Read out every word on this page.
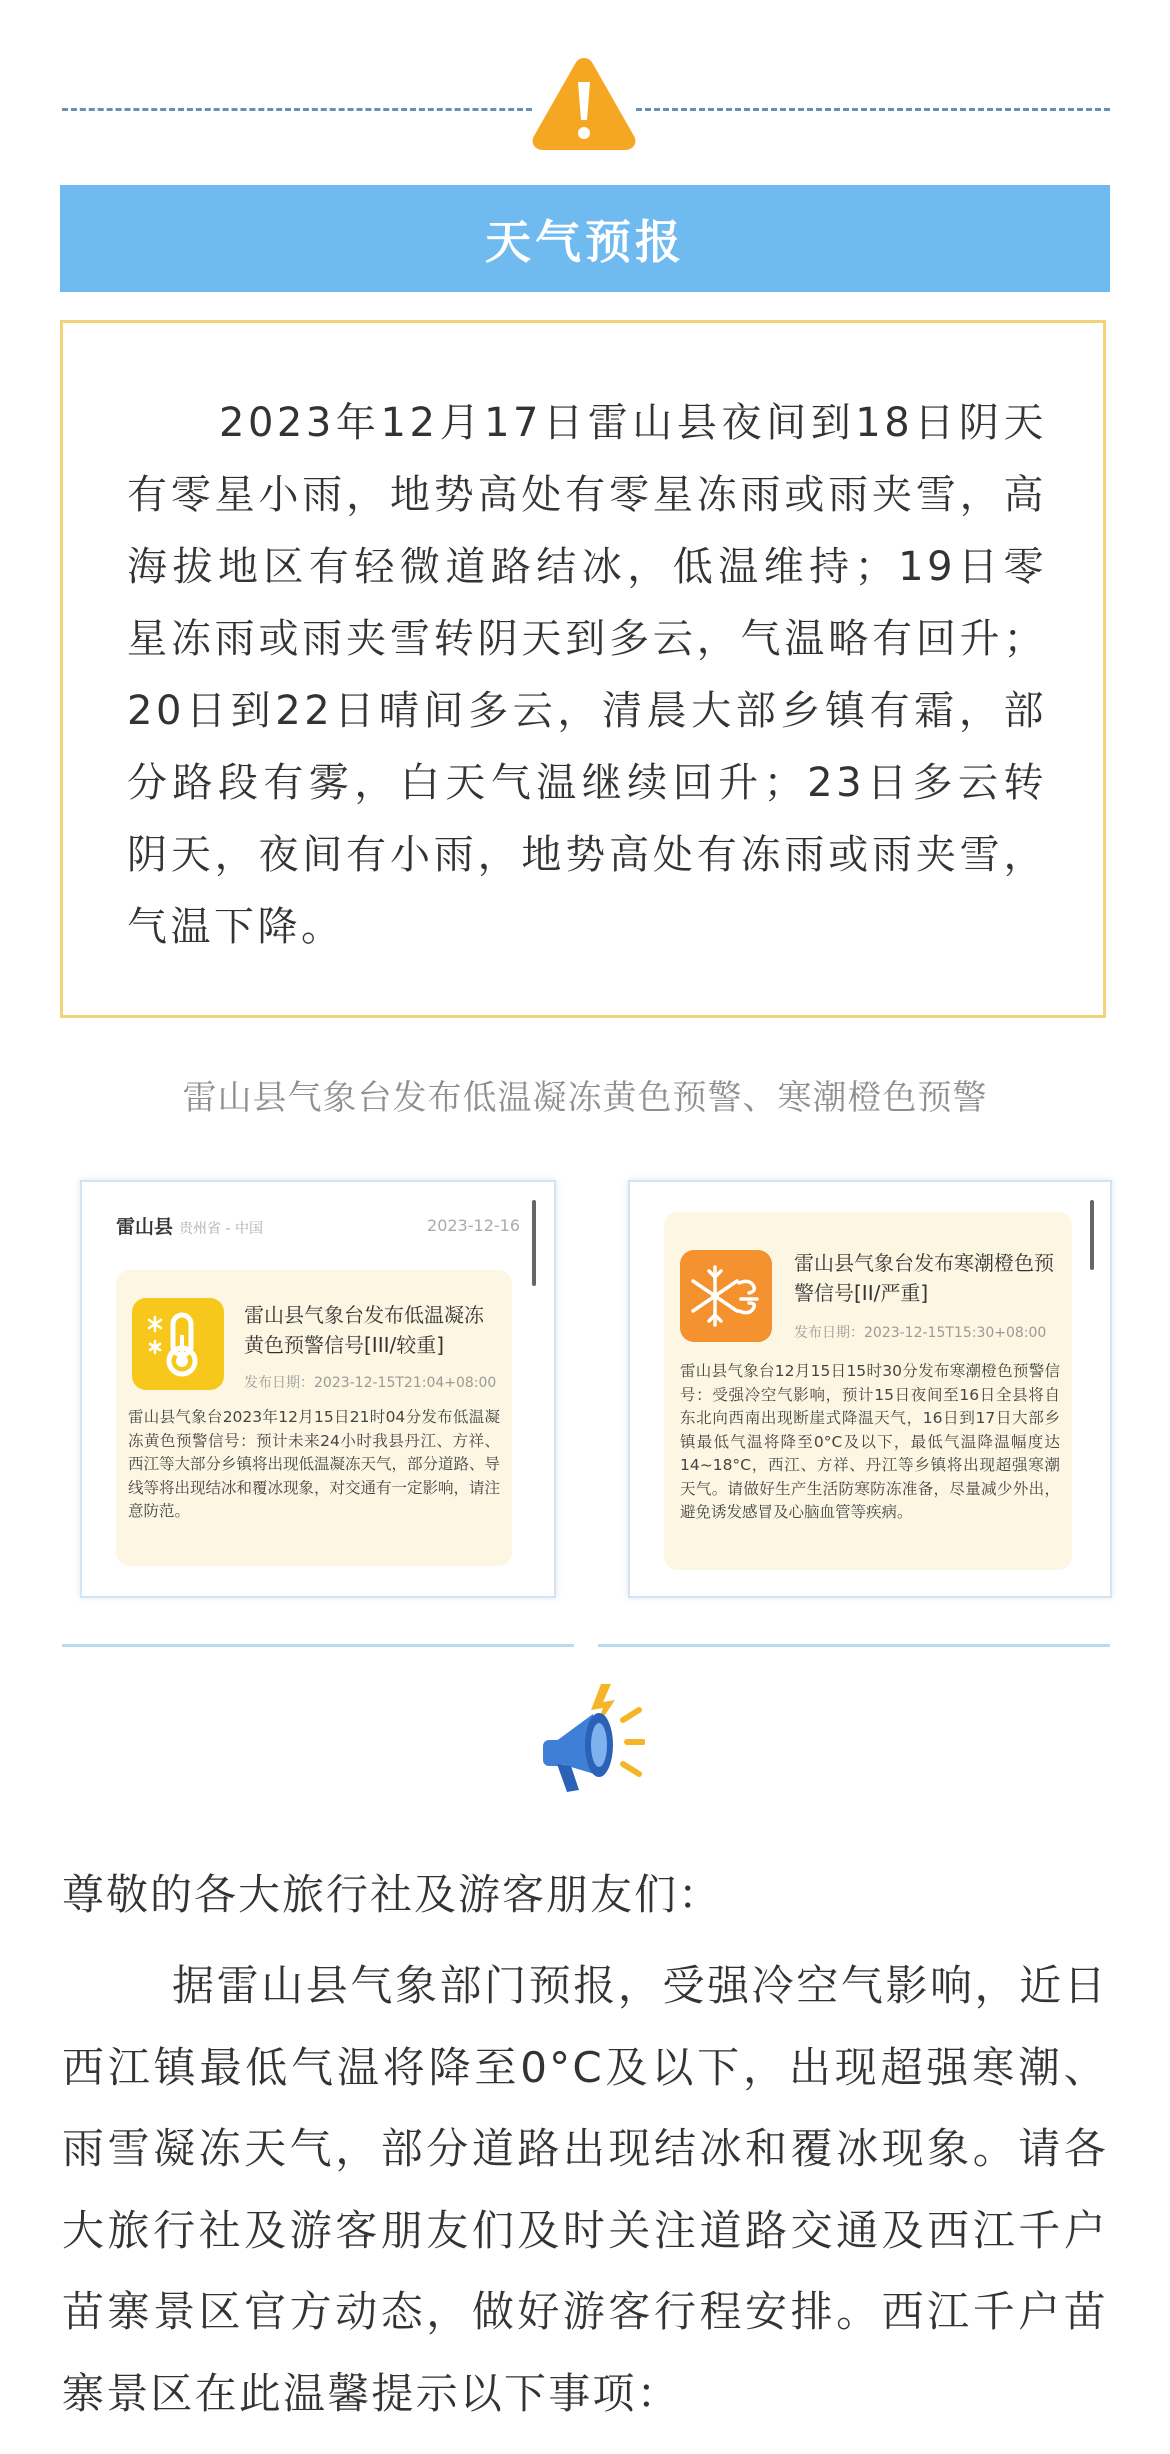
天气预报
2023年12月17日雷山县夜间到18日阴天有零星小雨，地势高处有零星冻雨或雨夹雪，高海拔地区有轻微道路结冰，低温维持；19日零星冻雨或雨夹雪转阴天到多云，气温略有回升；20日到22日晴间多云，清晨大部乡镇有霜，部分路段有雾，白天气温继续回升；23日多云转阴天，夜间有小雨，地势高处有冻雨或雨夹雪，气温下降。
雷山县气象台发布低温凝冻黄色预警、寒潮橙色预警
雷山县 贵州省 - 中国	2023-12-16
雷山县气象台发布低温凝冻黄色预警信号[III/较重]
发布日期：2023-12-15T21:04+08:00
雷山县气象台2023年12月15日21时04分发布低温凝冻黄色预警信号：预计未来24小时我县丹江、方祥、西江等大部分乡镇将出现低温凝冻天气，部分道路、导线等将出现结冰和覆冰现象，对交通有一定影响，请注意防范。
雷山县气象台发布寒潮橙色预警信号[II/严重]
发布日期：2023-12-15T15:30+08:00
雷山县气象台12月15日15时30分发布寒潮橙色预警信号：受强冷空气影响，预计15日夜间至16日全县将自东北向西南出现断崖式降温天气，16日到17日大部乡镇最低气温将降至0°C及以下，最低气温降温幅度达14~18°C，西江、方祥、丹江等乡镇将出现超强寒潮天气。请做好生产生活防寒防冻准备，尽量减少外出，避免诱发感冒及心脑血管等疾病。
尊敬的各大旅行社及游客朋友们：
据雷山县气象部门预报，受强冷空气影响，近日西江镇最低气温将降至0°C及以下，出现超强寒潮、雨雪凝冻天气，部分道路出现结冰和覆冰现象。请各大旅行社及游客朋友们及时关注道路交通及西江千户苗寨景区官方动态，做好游客行程安排。西江千户苗寨景区在此温馨提示以下事项：
